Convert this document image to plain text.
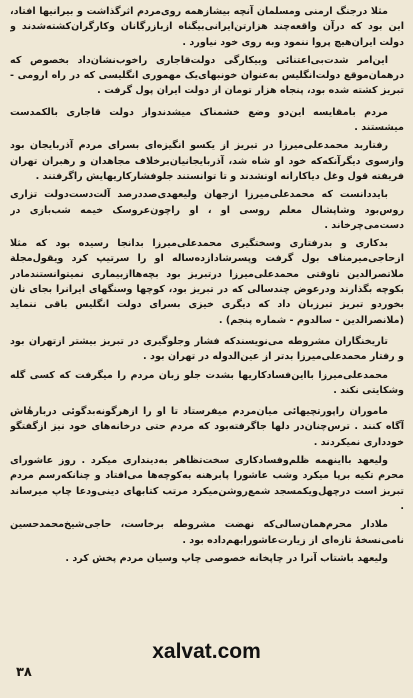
مثلا درجنگ ارمنی ومسلمان آنچه بیشازهمه روی‌مردم اثرگذاشت و بیرانیها افتاد، این بود که درآن واقعه‌چند هزارتن‌ایرانی‌بیگناه ازبازرگانان وکارگران‌کشته‌شدند و دولت ایران‌هیچ پروا ننمود وبه روی خود نیاورد .

این‌امر شدت‌بی‌اعتنائی وبیکارگی دولت‌قاجاری راخوب‌نشان‌داد بخصوص که درهمان‌موقع دولت‌انگلیس به‌عنوان خونبهای‌یک مهموری انگلیسی که در راه ارومی - تبریز کشته شده بود، پنجاه هزار تومان از دولت ایران پول گرفت .

مردم بامقایسه این‌دو وضع خشمناک میشدندواز دولت قاجاری بالکمدست میشستند .

رفتاربد محمدعلی‌میرزا در تبریز از یکسو انگیزه‌ای بسرای مردم آذربایجان بود وازسوی دیگرآنکه‌که خود او شاه شد، آذربایجانیان‌برخلاف مجاهدان و رهبران تهران فریفته قول وغل دیاکارانه اونشدند و تا توانستند جلوفشارکاریهایش راگرفتند .

بایددانست که محمدعلی‌میرزا ازجهان ولیعهدی‌صددرصد آلت‌دست‌دولت تزاری روس‌بود وشاپشال معلم روسی او ، او راچون‌عروسک خیمه شب‌بازی در دست‌می‌چرخاند .

بدکاری و بدرفتاری وسختگیری محمدعلی‌میرزا بدانجا رسیده بود که مثلا ازحاجی‌میرمناف بول گرفت وپسرشادازده‌ساله او را سرتیپ کرد ویقول‌مجلة ملاتصرالدین تاوقتی محمدعلی‌میرزا درتبریز بود بچه‌هاازبیماری نمیتوانستندمادر بکوچه بگذارند ودرعوض چندسالی که در تبریز بود، کوچها وسنگهای ایرانرا بجای نان بخوردو تبریز تبرزبان داد که دیگری خیزی بسرای دولت انگلیس باقی ننماید (ملانصرالدین - سالدوم - شماره پنجم) .

تاریخنگاران مشروطه می‌نویسندکه فشار وجلوگیری در تبریز بیشتر ازتهران بود و رفتار محمدعلی‌میرزا بدتر از عین‌الدوله در تهران بود .

محمدعلی‌میرزا بااین‌فسادکاریها بشدت جلو زبان مردم را میگرفت که کسی گله وشکایتی نکند .

ماموران راپورتچیهائی میان‌مردم میفرستاد تا او را ازهرگونه‌بدگوئی دربارهٔاش آگاه کنند . ترس‌چنان‌در دلها جاگرفته‌بود که مردم حتی درخانه‌های خود نیز ازگفتگو خودداری نمیکردند .

ولیعهد بااینهمه ظلم‌وفسادکاری سخت‌تظاهر به‌دینداری میکرد . روز عاشورای محرم تکیه برپا میکرد وشب عاشورا پابرهنه به‌کوچه‌ها می‌افتاد و چنانکه‌رسم مردم تبریز است درچهل‌ویکمسجد شمع‌روشن‌میکرد مرتب کتابهای دینی‌ودعا چاپ میرساند .

ملادار محرم‌همان‌سالی‌که نهضت مشروطه برخاست، حاجی‌شیخ‌محمدحسین نامی‌نسخهٔ تازه‌ای از زیارت‌عاشورا‌بهم‌داده بود .

ولیعهد باشتاب آنرا در چاپخانه خصوصی چاپ وسیان مردم پخش کرد .

xalvat.com
۳۸
